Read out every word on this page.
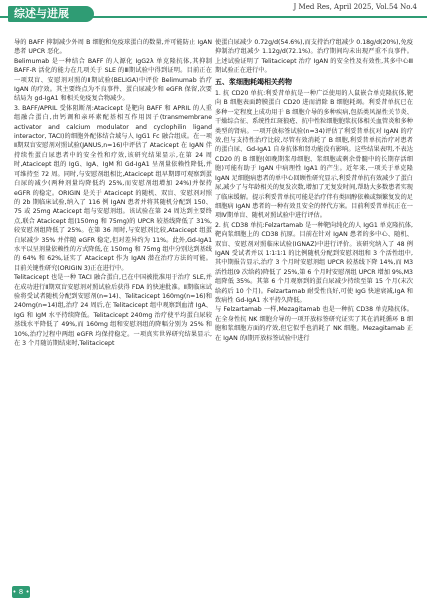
综述与进展	J Med Res, April 2025, Vol.54 No.4

导的 BAFF 抑制减少外周 B 细胞和免疫球蛋白的数量,并可能防止 IgAN 患者 UPCR 恶化。

Belimumab 是一种结合 BAFF 的人源化 IgG2λ 单克隆抗体,其抑制 BAFF-R 活化的能力在几项关于 SLE 的Ⅲ期试验中得到证明。目前正在一项双盲、安慰剂对照的Ⅱ期试验(BELIGA)中评价 Belimumab 治疗 IgAN 的疗效。其主要终点为不良事件、蛋白尿减少和 eGFR 保留,次要结局为 gd-IgA1 和相关免疫复合物减少。

3. BAFF/APRIL 受体阻断剂:Atacicept 是靶向 BAFF 和 APRIL 的人重组融合蛋白,由钙调和亲环素配基相互作用因子(transmembrane activator and calcium modulator and cyclophilin ligand interactor, TACI)的细胞外配体结合域与人 IgG1 Fc 融合组成。在一项Ⅱ期双盲安慰剂对照试验(JANUS,n=16)中评估了 Atacicept 在 IgAN 伴持续性蛋白尿患者中的安全性和疗效,该研究结果显示,在第 24 周时,Atacicept 组的 IgG、IgA、IgM 和 Gd-IgA1 呈剂量依赖性降低,并可维持至 72 周。同时,与安慰剂组相比,Atacicept 组早期即可观察到蛋白尿的减少(两种剂量均降低约 25%,而安慰剂组增加 24%)并保持 eGFR 的稳定。ORIGIN 是关于 Atacicept 的随机、双盲、安慰剂对照的 2b 期临床试验,纳入了 116 例 IgAN 患者并将其随机分配到 150、75 或 25mg Atacicept 组与安慰剂组。该试验在第 24 周达到主要终点,联合 Atacicept 组(150mg 和 75mg)的 UPCR 较基线降低了 31%,较安慰剂组降低了 25%。在第 36 周时,与安慰剂比较,Atacicept 组蛋白尿减少 35% 并伴随 eGFR 稳定,但对差异约为 11%。此外,Gd-IgA1 水平以呈剂量依赖性的方式降低,在 150mg 和 75mg 组中分别达到基线的 64% 和 62%,证实了 Atacicept 作为 IgAN 潜在治疗方法的可能。目前关键性研究(ORIGIN 3)正在进行中。

Telitacicept 也是一种 TACI 融合蛋白,已在中国被批准用于治疗 SLE,并在成功进行Ⅱ期双盲安慰剂对照试验后获得 FDA 的快速批准。Ⅱ期临床试验将受试者随机分配到安慰剂(n=14)、Telitacicept 160mg(n=16)和 240mg(n=14)组,治疗 24 周后,在 Telitacicept 组中观察到血清 IgA、IgG 和 IgM 水平持续降低。Telitacicept 240mg 治疗使平均蛋白尿较基线水平降低了 49%,而 160mg 组和安慰剂组的降幅分别为 25% 和 10%,治疗过程中两组 eGFR 均保持稳定。一项真实世界研究结果显示,在 3 个月随访期结束时,Telitacicept

使蛋白尿减少 0.72g/d(54.6%),而支持治疗组减少 0.18g/d(20%),免疫抑制治疗组减少 1.12g/d(72.1%)。治疗期间均未出现严重不良事件。上述试验证明了 Telitacicept 治疗 IgAN 的安全性及有效性,其多中心Ⅲ期试验正在进行中。

五、浆细胞耗竭相关药物

1. 抗 CD20 单抗:利妥昔单抗是一种广泛使用的人鼠嵌合单克隆抗体,靶向 B 细胞表面跨膜蛋白 CD20 进而清除 B 细胞耗竭。利妥昔单抗已在多种一定程度上成功用于 B 细胞介导的多种疾病,包括类风湿性关节炎、干燥综合征、系统性红斑狼疮、抗中性粒细胞胞浆抗体相关血管炎和多种类型的肾病。一项开放标签试验(n=34)评估了利妥昔单抗对 IgAN 的疗效,但与支持性治疗比较,尽管有效消耗了 B 细胞,利妥昔单抗治疗对患者的蛋白尿、Gd-IgA1 自身抗体和肾功能没有影响。这些结果表明,不表达 CD20 的 B 细胞(如晚期浆母细胞、浆细胞或剩余骨髓中的长期存活细胞)可能有助于 IgAN 中病理性 IgA1 的产生。近年来,一项关于单克隆 IgAN 足细胞病患者的单中心回顾性研究显示,利妥昔单抗有效减少了蛋白尿,减少了与年龄相关的复发次数,增加了无复发时间,帮助大多数患者实现了临床缓解。提示利妥昔单抗可能是治疗伴有类固醇依赖或频繁复发的足细胞病 IgAN 患者的一种有效且安全的替代方案。目前利妥昔单抗正在一项Ⅳ期单盲、随机对照试验中进行评估。

2. 抗 CD38 单抗:Felzartamab 是一种靶向纯化的人 IgG1 单克隆抗体,靶向浆细胞上的 CD38 抗原。目前在针对 IgAN 患者的多中心、随机、双盲、安慰剂对照临床试验(IGNAZ)中进行评价。该研究纳入了 48 例 IgAN 受试者并以 1∶1∶1∶1 的比例随机分配到安慰剂组和 3 个活性组中,其中期报告显示,治疗 3 个月时安慰剂组 UPCR 较基线下降 14%,而 M3 活性组(9 次给药)降低了 25%,第 6 个月时安慰剂组 UPCR 增加 9%,M3 组降低 35%。其第 6 个月观察到的蛋白尿减少持续至第 15 个月(末次给药后 10 个月)。Felzartamab 耐受性良好,可使 IgG 快速衰减,IgA 和致病性 Gd-IgA1 水平持久降低。

与 Felzartamab 一样,Mezagitamab 也是一种抗 CD38 单克隆抗体。在全身性抗 NK 细胞介导的一项开放标签研究证实了其在消耗循环 B 细胞和浆细胞方面的疗效,但它似乎也消耗了 NK 细胞。Mezagitamab 正在 IgAN 的Ⅰ期开放标签试验中进行

• 8 •
